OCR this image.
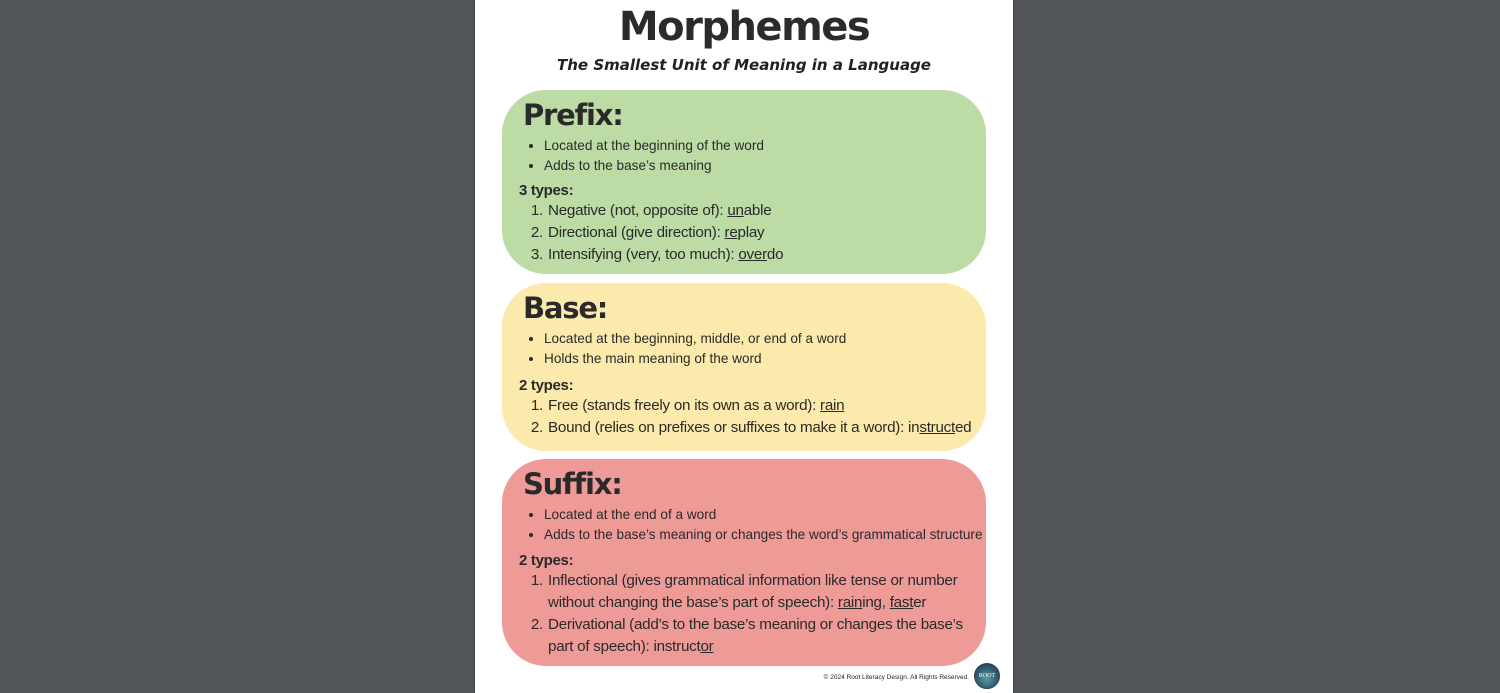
Morphemes
The Smallest Unit of Meaning in a Language
Prefix:
• Located at the beginning of the word
• Adds to the base’s meaning
3 types:
1. Negative (not, opposite of): unable
2. Directional (give direction): replay
3. Intensifying (very, too much): overdo
Base:
• Located at the beginning, middle, or end of a word
• Holds the main meaning of the word
2 types:
1. Free (stands freely on its own as a word): rain
2. Bound (relies on prefixes or suffixes to make it a word): instructed
Suffix:
• Located at the end of a word
• Adds to the base’s meaning or changes the word’s grammatical structure
2 types:
1. Inflectional (gives grammatical information like tense or number without changing the base’s part of speech): raining, faster
2. Derivational (add’s to the base’s meaning or changes the base’s part of speech): instructor
© 2024 Root Literacy Design. All Rights Reserved.	ROOT
